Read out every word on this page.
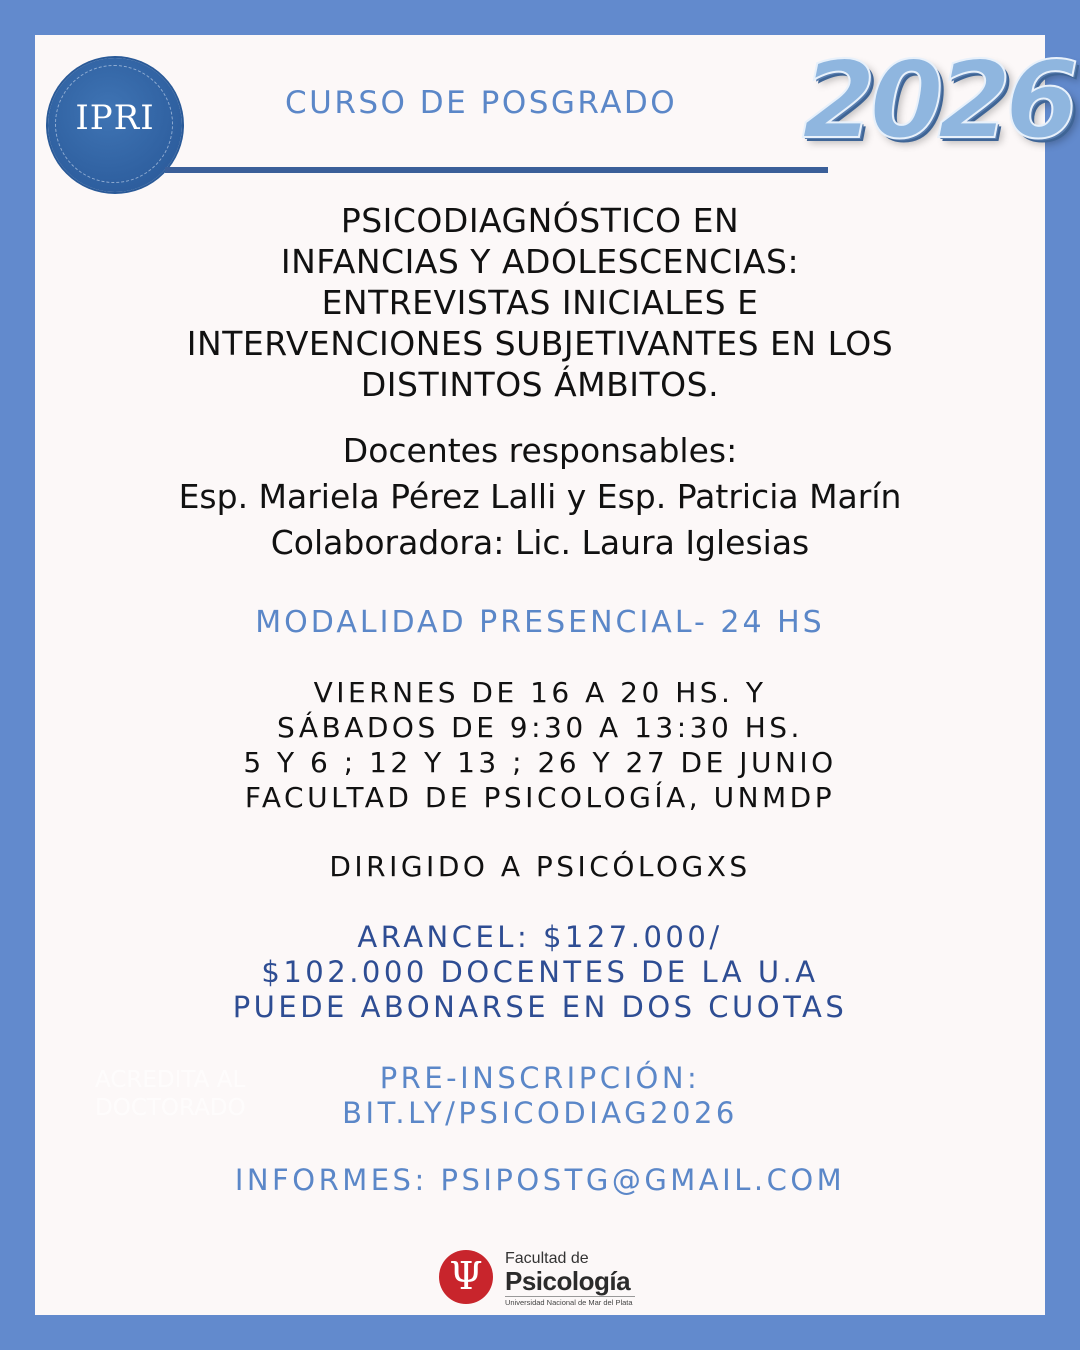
IPRI	CURSO DE POSGRADO	2026
PSICODIAGNÓSTICO EN
INFANCIAS Y ADOLESCENCIAS:
ENTREVISTAS INICIALES E
INTERVENCIONES SUBJETIVANTES EN LOS
DISTINTOS ÁMBITOS.
Docentes responsables:
Esp. Mariela Pérez Lalli y Esp. Patricia Marín
Colaboradora: Lic. Laura Iglesias
MODALIDAD PRESENCIAL- 24 HS
VIERNES DE 16 A 20 HS. Y
SÁBADOS DE 9:30 A 13:30 HS.
5 Y 6 ; 12 Y 13 ; 26 Y 27 DE JUNIO
FACULTAD DE PSICOLOGÍA, UNMDP
DIRIGIDO A PSICÓLOGXS
ARANCEL: $127.000/
$102.000 DOCENTES DE LA U.A
PUEDE ABONARSE EN DOS CUOTAS
PRE-INSCRIPCIÓN:
BIT.LY/PSICODIAG2026
ACREDITA AL
DOCTORADO
INFORMES: PSIPOSTG@GMAIL.COM
Ψ	Facultad de
Psicología
Universidad Nacional de Mar del Plata
